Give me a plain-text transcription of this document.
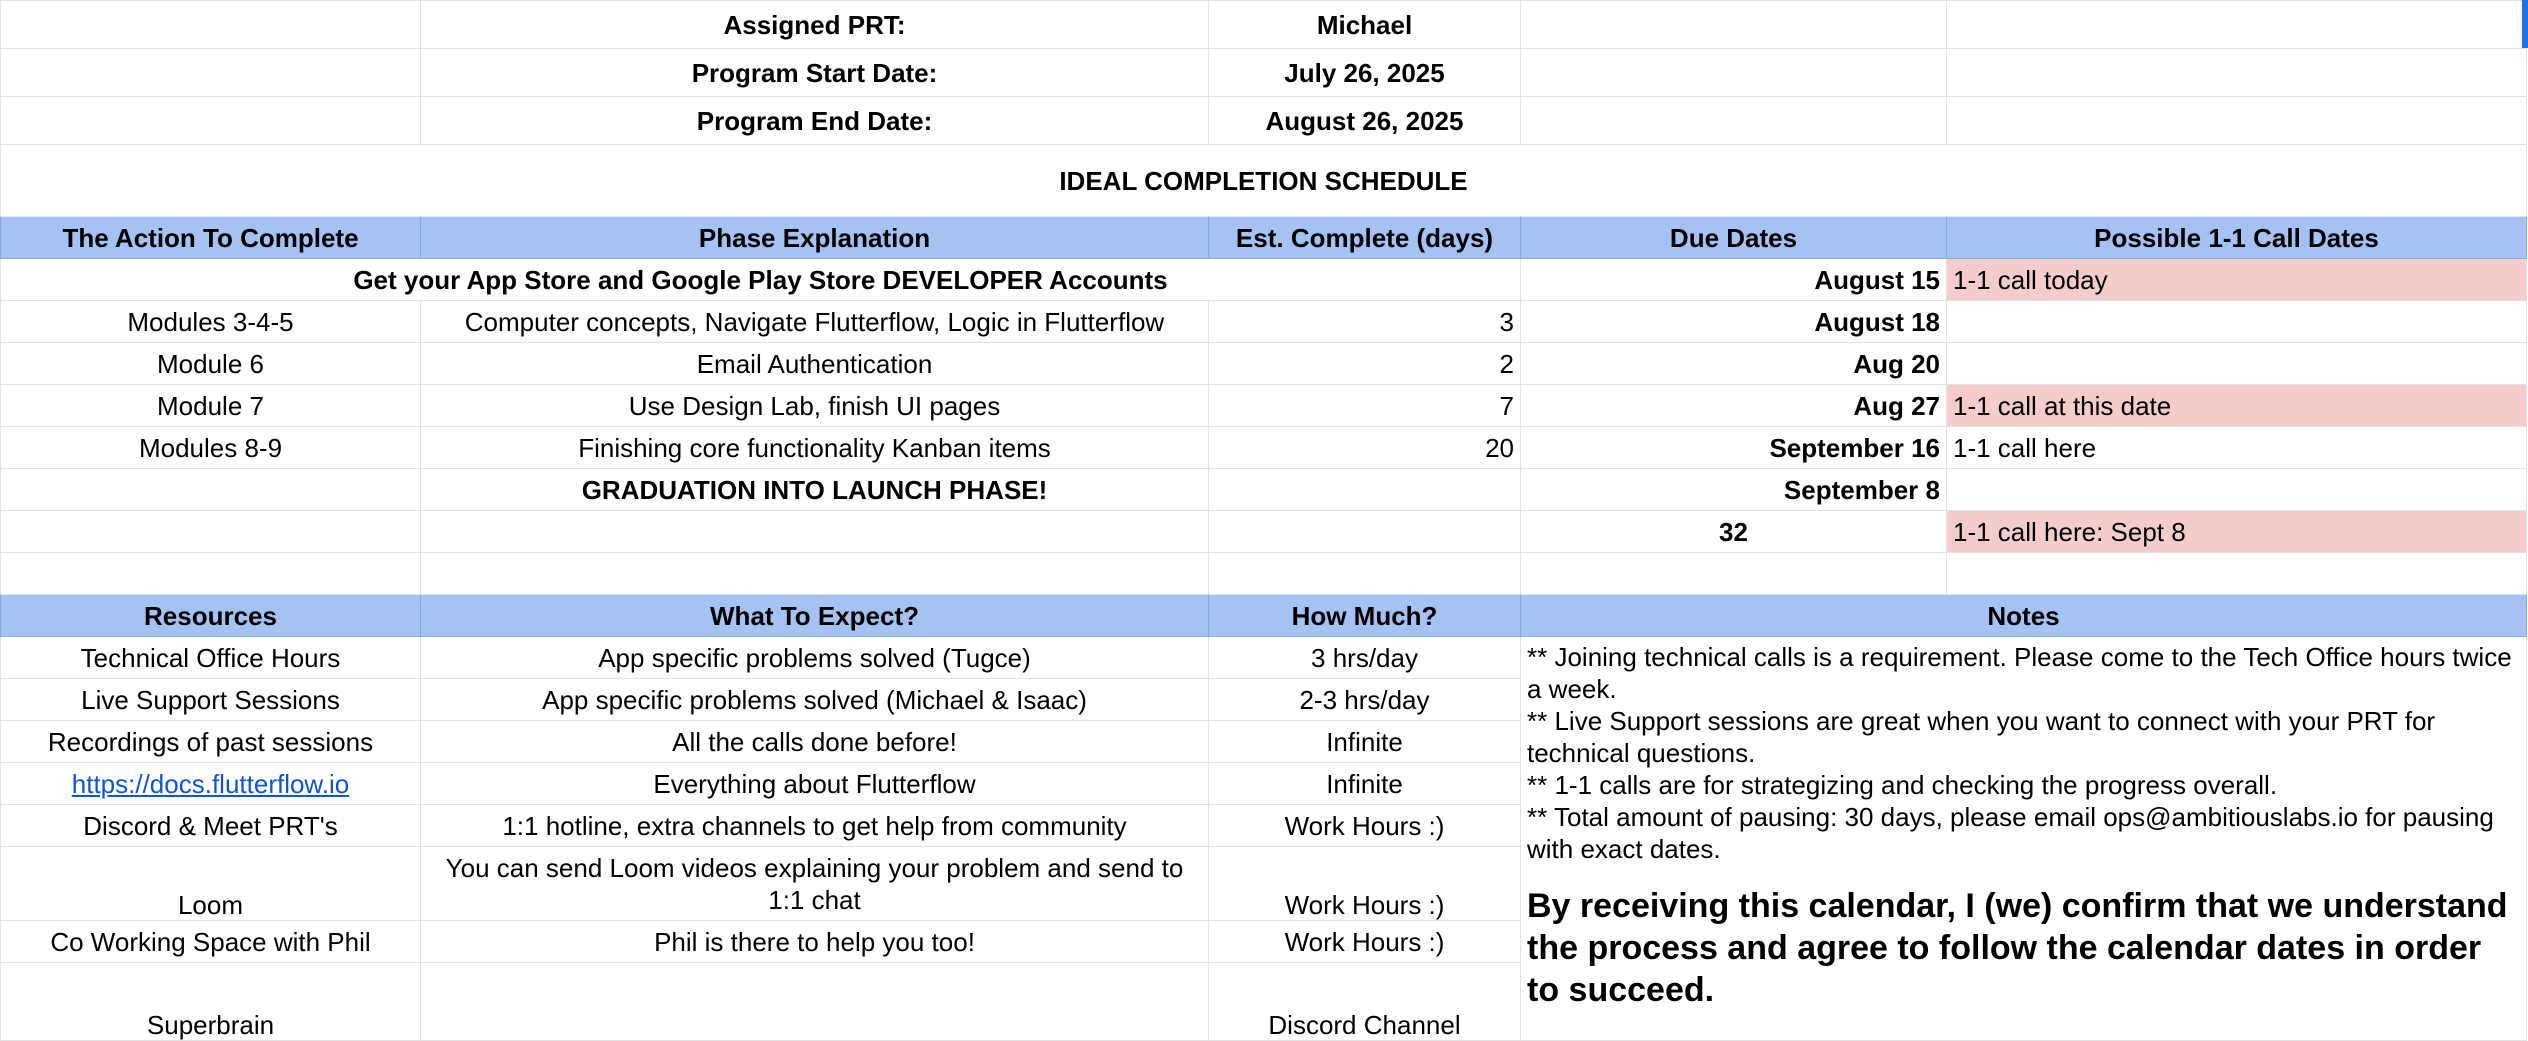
	Assigned PRT:	Michael		
	Program Start Date:	July 26, 2025		
	Program End Date:	August 26, 2025		
IDEAL COMPLETION SCHEDULE				
The Action To Complete	Phase Explanation	Est. Complete (days)	Due Dates	Possible 1-1 Call Dates
Get your App Store and Google Play Store DEVELOPER Accounts			August 15	1-1 call today
Modules 3-4-5	Computer concepts, Navigate Flutterflow, Logic in Flutterflow	3	August 18	
Module 6	Email Authentication	2	Aug 20	
Module 7	Use Design Lab, finish UI pages	7	Aug 27	1-1 call at this date
Modules 8-9	Finishing core functionality Kanban items	20	September 16	1-1 call here
	GRADUATION INTO LAUNCH PHASE!		September 8	
			32	1-1 call here: Sept 8

Resources	What To Expect?	How Much?	Notes	
Technical Office Hours	App specific problems solved (Tugce)	3 hrs/day	** Joining technical calls is a requirement. Please come to the Tech Office hours twice a week.

** Live Support sessions are great when you want to connect with your PRT for technical questions.

** 1-1 calls are for strategizing and checking the progress overall.

** Total amount of pausing: 30 days, please email ops@ambitiouslabs.io for pausing with exact dates.

By receiving this calendar, I (we) confirm that we understand the process and agree to follow the calendar dates in order to succeed.	

Live Support Sessions	App specific problems solved (Michael & Isaac)	2-3 hrs/day		
Recordings of past sessions	All the calls done before!	Infinite		
https://docs.flutterflow.io	Everything about Flutterflow	Infinite		
Discord & Meet PRT's	1:1 hotline, extra channels to get help from community	Work Hours :)		
Loom	You can send Loom videos explaining your problem and send to 1:1 chat	Work Hours :)		
Co Working Space with Phil	Phil is there to help you too!	Work Hours :)		
Superbrain		Discord Channel		
